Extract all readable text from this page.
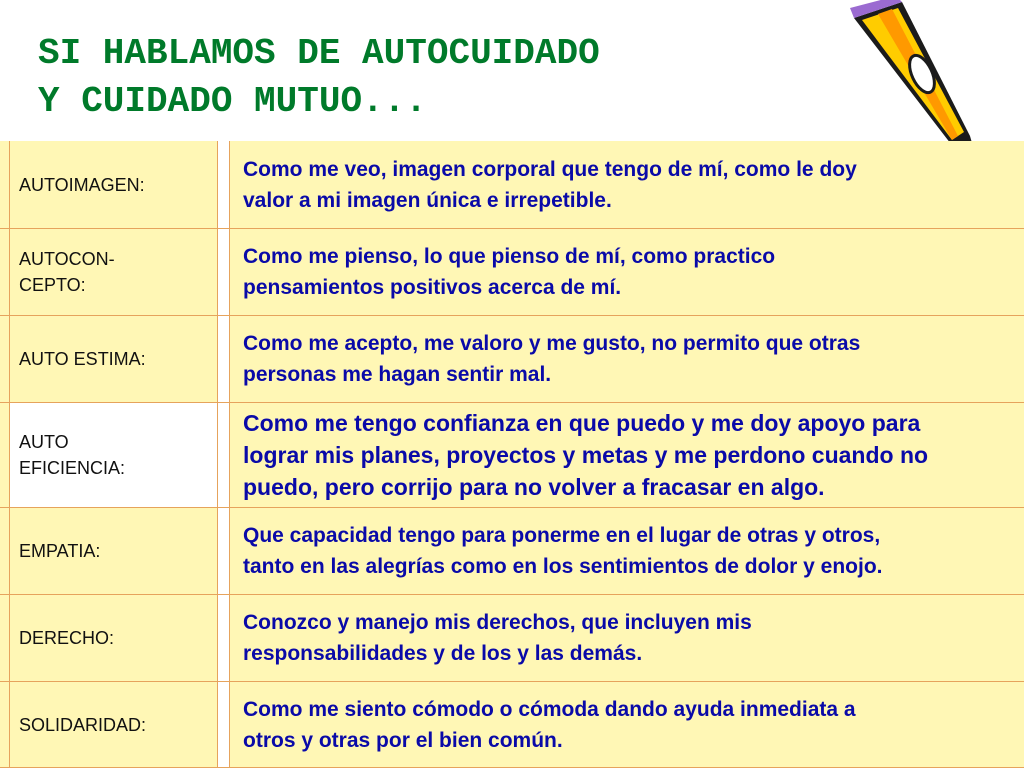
SI HABLAMOS DE AUTOCUIDADO
Y CUIDADO MUTUO...
AUTOIMAGEN:
Como me veo, imagen corporal que tengo de mí, como le doy
valor a mi imagen única e irrepetible.
AUTOCON-
CEPTO:
Como me pienso, lo que pienso de mí, como practico
pensamientos positivos acerca de mí.
AUTO ESTIMA:
Como me acepto, me valoro y me gusto, no permito que otras
personas me hagan sentir mal.
AUTO
EFICIENCIA:
Como me tengo confianza en que puedo y me doy apoyo para
lograr mis planes, proyectos y metas y me perdono cuando no
puedo, pero corrijo para no volver a fracasar en algo.
EMPATIA:
Que capacidad tengo para ponerme en el lugar de otras y otros,
tanto en las alegrías como en los sentimientos de dolor y enojo.
DERECHO:
Conozco y manejo mis derechos, que incluyen mis
responsabilidades y de los y las demás.
SOLIDARIDAD:
Como me siento cómodo o cómoda dando ayuda inmediata a
otros y otras por el bien común.
